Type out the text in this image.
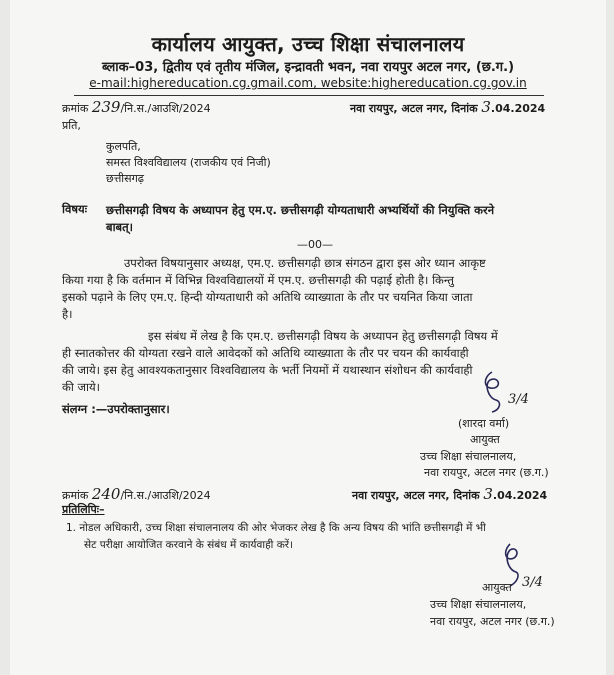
कार्यालय आयुक्त, उच्च शिक्षा संचालनालय
ब्लाक–03, द्वितीय एवं तृतीय मंजिल, इन्द्रावती भवन, नवा रायपुर अटल नगर, (छ.ग.)
e-mail:highereducation.cg.gmail.com, website:highereducation.cg.gov.in
क्रमांक 239/नि.स./आउशि/2024	नवा रायपुर, अटल नगर, दिनांक 3.04.2024
प्रति,
कुलपति,
समस्त विश्वविद्यालय (राजकीय एवं निजी)
छत्तीसगढ़
विषयः छत्तीसगढ़ी विषय के अध्यापन हेतु एम.ए. छत्तीसगढ़ी योग्यताधारी अभ्यर्थियों की नियुक्ति करने
बाबत्।
—00—
उपरोक्त विषयानुसार अध्यक्ष, एम.ए. छत्तीसगढ़ी छात्र संगठन द्वारा इस ओर ध्यान आकृष्ट
किया गया है कि वर्तमान में विभिन्न विश्वविद्यालयों में एम.ए. छत्तीसगढ़ी की पढ़ाई होती है। किन्तु
इसको पढ़ाने के लिए एम.ए. हिन्दी योग्यताधारी को अतिथि व्याख्याता के तौर पर चयनित किया जाता
है।
इस संबंध में लेख है कि एम.ए. छत्तीसगढ़ी विषय के अध्यापन हेतु छत्तीसगढ़ी विषय में
ही स्नातकोत्तर की योग्यता रखने वाले आवेदकों को अतिथि व्याख्याता के तौर पर चयन की कार्यवाही
की जाये। इस हेतु आवश्यकतानुसार विश्वविद्यालय के भर्ती नियमों में यथास्थान संशोधन की कार्यवाही
की जाये।
संलग्न :—उपरोक्तानुसार।
3/4
(शारदा वर्मा)
आयुक्त
उच्च शिक्षा संचालनालय,
नवा रायपुर, अटल नगर (छ.ग.)
क्रमांक 240/नि.स./आउशि/2024	नवा रायपुर, अटल नगर, दिनांक 3.04.2024
प्रतिलिपिः–
1. नोडल अधिकारी, उच्च शिक्षा संचालनालय की ओर भेजकर लेख है कि अन्य विषय की भांति छत्तीसगढ़ी में भी
सेट परीक्षा आयोजित करवाने के संबंध में कार्यवाही करें।
3/4
आयुक्त
उच्च शिक्षा संचालनालय,
नवा रायपुर, अटल नगर (छ.ग.)
